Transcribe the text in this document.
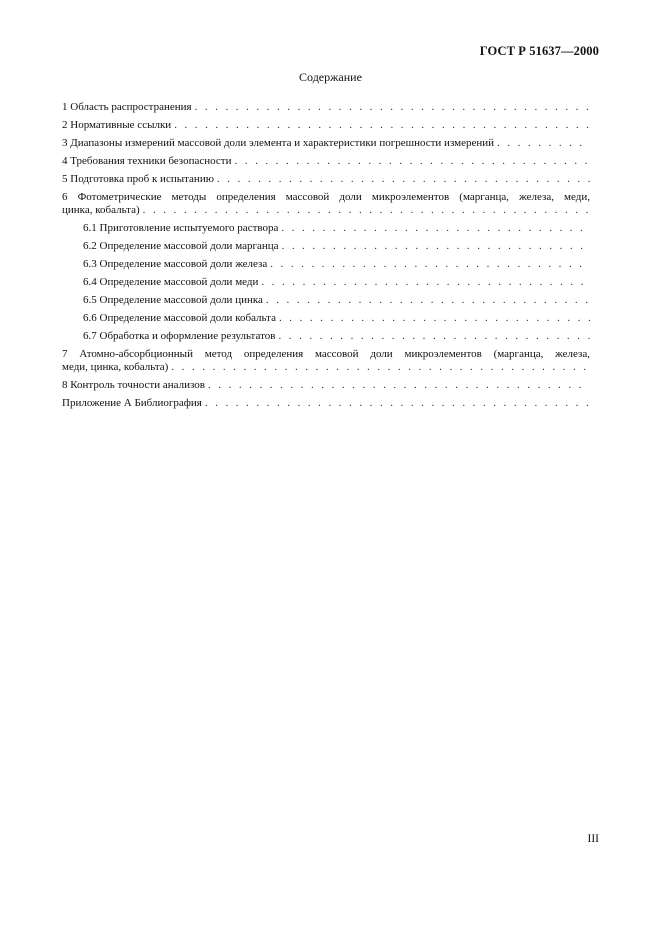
ГОСТ Р 51637—2000
Содержание
1 Область распространения
. . .
2 Нормативные ссылки
. . .
3 Диапазоны измерений массовой доли элемента и характеристики погрешности измерений
. . .
4 Требования техники безопасности
. . .
5 Подготовка проб к испытанию
. . .
6 Фотометрические методы определения массовой доли микроэлементов (марганца, железа, меди,
цинка, кобальта)
. . .
6.1 Приготовление испытуемого раствора
. . .
6.2 Определение массовой доли марганца
. . .
6.3 Определение массовой доли железа
. . .
6.4 Определение массовой доли меди
. . .
6.5 Определение массовой доли цинка
. . .
6.6 Определение массовой доли кобальта
. . .
6.7 Обработка и оформление результатов
. . .
7 Атомно-абсорбционный метод определения массовой доли микроэлементов (марганца, железа,
меди, цинка, кобальта)
. . .
8 Контроль точности анализов
. . .
Приложение А Библиография
. . .
III
